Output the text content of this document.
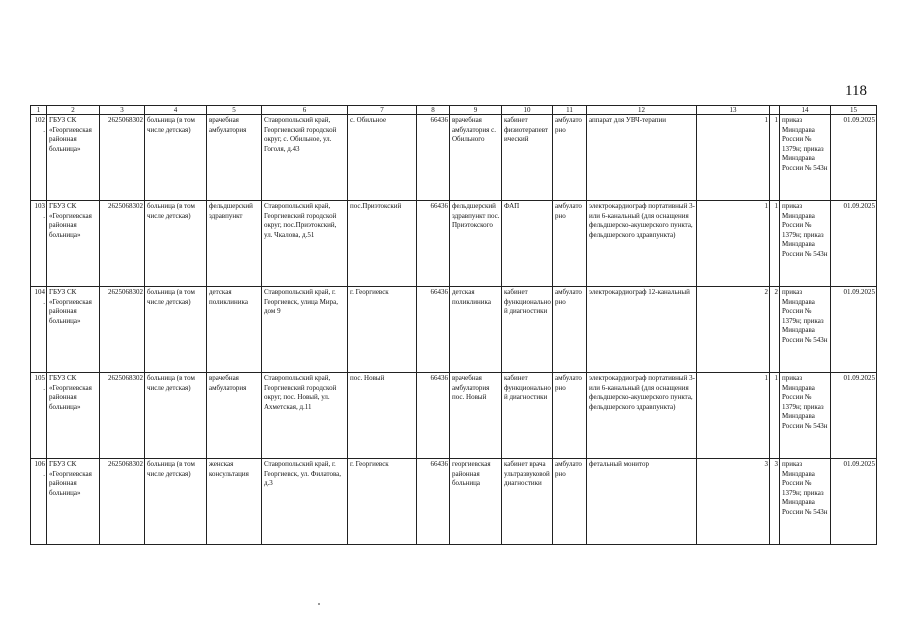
118
1	2	3	4	5	6	7	8	9	10	11	12	13		14	15
102.	ГБУЗ СК «Георгиевская районная больница»	2625068302	больница (в том числе детская)	врачебная амбулатория	Ставропольский край, Георгиевский городской округ, с. Обильное, ул. Гоголя, д.43	с. Обильное	66436	врачебная амбулатория с. Обильного	кабинет физиотерапевтический	амбулаторно	аппарат для УВЧ-терапии	1	1	приказ Минздрава России № 1379н; приказ Минздрава России № 543н	01.09.2025
103.	ГБУЗ СК «Георгиевская районная больница»	2625068302	больница (в том числе детская)	фельдшерский здравпункт	Ставропольский край, Георгиевский городской округ, пос.Приэтокский, ул. Чкалова, д.51	пос.Приэтокский	66436	фельдшерский здравпункт пос. Приэтокского	ФАП	амбулаторно	электрокардиограф портативный 3- или 6-канальный (для оснащения фельдшерско-акушерского пункта, фельдшерского здравпункта)	1	1	приказ Минздрава России № 1379н; приказ Минздрава России № 543н	01.09.2025
104.	ГБУЗ СК «Георгиевская районная больница»	2625068302	больница (в том числе детская)	детская поликлиника	Ставропольский край, г. Георгиевск, улица Мира, дом 9	г. Георгиевск	66436	детская поликлиника	кабинет функциональной диагностики	амбулаторно	электрокардиограф 12-канальный	2	2	приказ Минздрава России № 1379н; приказ Минздрава России № 543н	01.09.2025
105.	ГБУЗ СК «Георгиевская районная больница»	2625068302	больница (в том числе детская)	врачебная амбулатория	Ставропольский край, Георгиевский городской округ, пос. Новый, ул. Ахметская, д.11	пос. Новый	66436	врачебная амбулатория пос. Новый	кабинет функциональной диагностики	амбулаторно	электрокардиограф портативный 3- или 6-канальный (для оснащения фельдшерско-акушерского пункта, фельдшерского здравпункта)	1	1	приказ Минздрава России № 1379н; приказ Минздрава России № 543н	01.09.2025
106.	ГБУЗ СК «Георгиевская районная больница»	2625068302	больница (в том числе детская)	женская консультация	Ставропольский край, г. Георгиевск, ул. Филатова, д.3	г. Георгиевск	66436	георгиевская районная больница	кабинет врача ультразвуковой диагностики	амбулаторно	фетальный монитор	3	3	приказ Минздрава России № 1379н; приказ Минздрава России № 543н	01.09.2025
